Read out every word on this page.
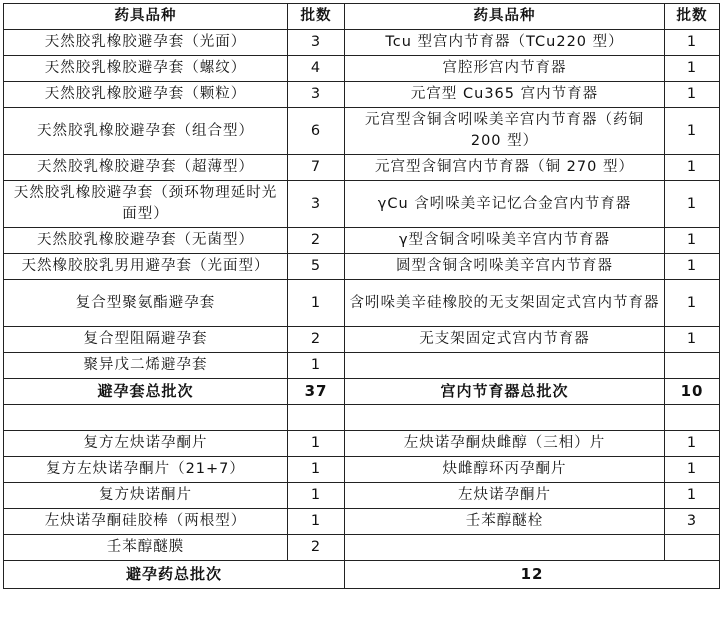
药具品种	批数	药具品种	批数
天然胶乳橡胶避孕套（光面）	3	Tcu 型宫内节育器（TCu220 型）	1
天然胶乳橡胶避孕套（螺纹）	4	宫腔形宫内节育器	1
天然胶乳橡胶避孕套（颗粒）	3	元宫型 Cu365 宫内节育器	1
天然胶乳橡胶避孕套（组合型）	6	元宫型含铜含吲哚美辛宫内节育器（药铜 200 型）	1
天然胶乳橡胶避孕套（超薄型）	7	元宫型含铜宫内节育器（铜 270 型）	1
天然胶乳橡胶避孕套（颈环物理延时光面型）	3	γCu 含吲哚美辛记忆合金宫内节育器	1
天然胶乳橡胶避孕套（无菌型）	2	γ型含铜含吲哚美辛宫内节育器	1
天然橡胶胶乳男用避孕套（光面型）	5	圆型含铜含吲哚美辛宫内节育器	1
复合型聚氨酯避孕套	1	含吲哚美辛硅橡胶的无支架固定式宫内节育器	1
复合型阻隔避孕套	2	无支架固定式宫内节育器	1
聚异戊二烯避孕套	1		
避孕套总批次	37	宫内节育器总批次	10

复方左炔诺孕酮片	1	左炔诺孕酮炔雌醇（三相）片	1
复方左炔诺孕酮片（21+7）	1	炔雌醇环丙孕酮片	1
复方炔诺酮片	1	左炔诺孕酮片	1
左炔诺孕酮硅胶棒（两根型）	1	壬苯醇醚栓	3
壬苯醇醚膜	2		
避孕药总批次		12	
